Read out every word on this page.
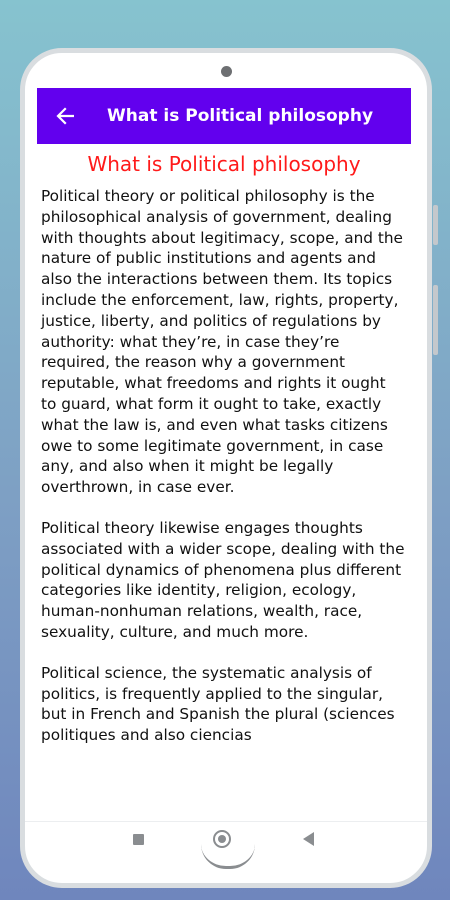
What is Political philosophy
What is Political philosophy

Political theory or political philosophy is the philosophical analysis of government, dealing with thoughts about legitimacy, scope, and the nature of public institutions and agents and also the interactions between them. Its topics include the enforcement, law, rights, property, justice, liberty, and politics of regulations by authority: what they’re, in case they’re required, the reason why a government reputable, what freedoms and rights it ought to guard, what form it ought to take, exactly what the law is, and even what tasks citizens owe to some legitimate government, in case any, and also when it might be legally overthrown, in case ever.

Political theory likewise engages thoughts associated with a wider scope, dealing with the political dynamics of phenomena plus different categories like identity, religion, ecology, human-nonhuman relations, wealth, race, sexuality, culture, and much more.

Political science, the systematic analysis of politics, is frequently applied to the singular, but in French and Spanish the plural (sciences politiques and also ciencias
